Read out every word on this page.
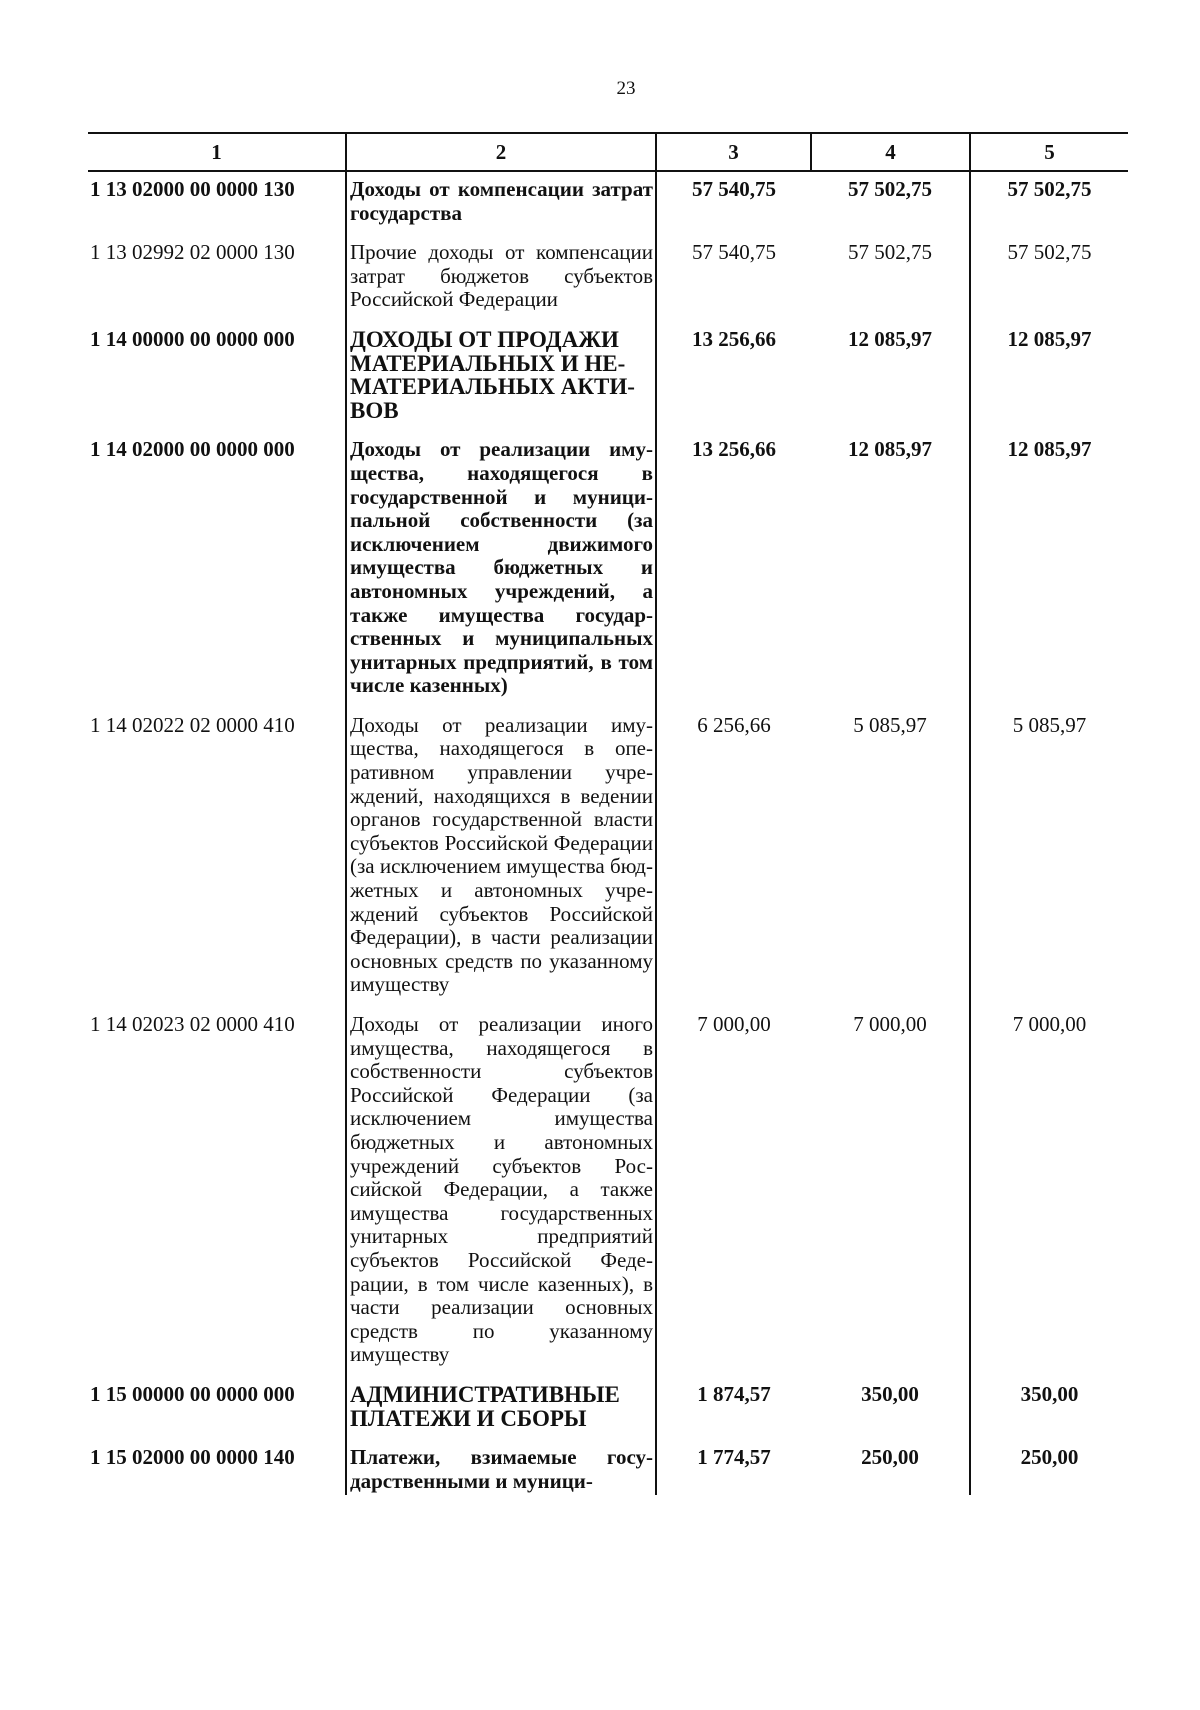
23
1	2	3	4	5
1 13 02000 00 0000 130	Доходы от компенсации затрат государства	57 540,75	57 502,75	57 502,75
1 13 02992 02 0000 130	Прочие доходы от компенсации затрат бюджетов субъектов Российской Федерации	57 540,75	57 502,75	57 502,75
1 14 00000 00 0000 000	ДОХОДЫ ОТ ПРОДАЖИ МАТЕРИАЛЬНЫХ И НЕМАТЕРИАЛЬНЫХ АКТИВОВ	13 256,66	12 085,97	12 085,97
1 14 02000 00 0000 000	Доходы от реализации имущества, находящегося в государственной и муниципальной собственности (за исключением движимого имущества бюджетных и автономных учреждений, а также имущества государственных и муниципальных унитарных предприятий, в том числе казенных)	13 256,66	12 085,97	12 085,97
1 14 02022 02 0000 410	Доходы от реализации имущества, находящегося в оперативном управлении учреждений, находящихся в ведении органов государственной власти субъектов Российской Федерации (за исключением имущества бюджетных и автономных учреждений субъектов Российской Федерации), в части реализации основных средств по указанному имуществу	6 256,66	5 085,97	5 085,97
1 14 02023 02 0000 410	Доходы от реализации иного имущества, находящегося в собственности субъектов Российской Федерации (за исключением имущества бюджетных и автономных учреждений субъектов Российской Федерации, а также имущества государственных унитарных предприятий субъектов Российской Федерации, в том числе казенных), в части реализации основных средств по указанному имуществу	7 000,00	7 000,00	7 000,00
1 15 00000 00 0000 000	АДМИНИСТРАТИВНЫЕ ПЛАТЕЖИ И СБОРЫ	1 874,57	350,00	350,00
1 15 02000 00 0000 140	Платежи, взимаемые государственными и муници-	1 774,57	250,00	250,00
